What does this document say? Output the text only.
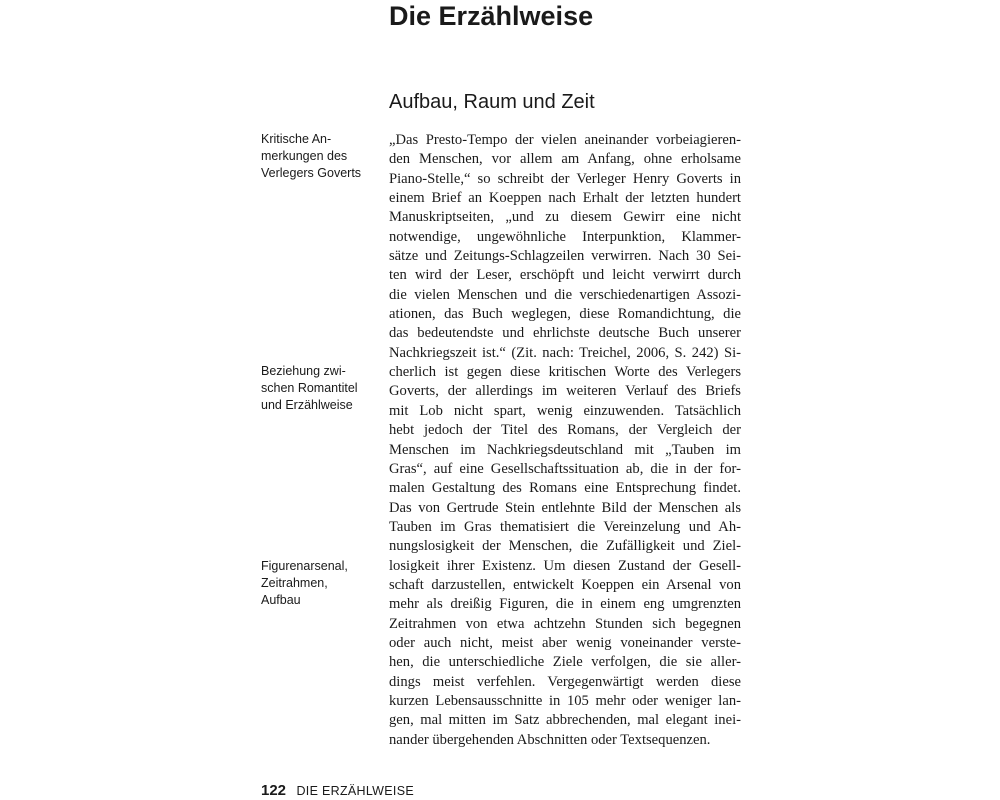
Die Erzählweise
Aufbau, Raum und Zeit
Kritische An-
merkungen des
Verlegers Goverts
Beziehung zwi-
schen Romantitel
und Erzählweise
Figurenarsenal,
Zeitrahmen,
Aufbau
„Das Presto-Tempo der vielen aneinander vorbeiagieren-
den Menschen, vor allem am Anfang, ohne erholsame
Piano-Stelle,“ so schreibt der Verleger Henry Goverts in
einem Brief an Koeppen nach Erhalt der letzten hundert
Manuskriptseiten, „und zu diesem Gewirr eine nicht
notwendige, ungewöhnliche Interpunktion, Klammer-
sätze und Zeitungs-Schlagzeilen verwirren. Nach 30 Sei-
ten wird der Leser, erschöpft und leicht verwirrt durch
die vielen Menschen und die verschiedenartigen Assozi-
ationen, das Buch weglegen, diese Romandichtung, die
das bedeutendste und ehrlichste deutsche Buch unserer
Nachkriegszeit ist.“ (Zit. nach: Treichel, 2006, S. 242) Si-
cherlich ist gegen diese kritischen Worte des Verlegers
Goverts, der allerdings im weiteren Verlauf des Briefs
mit Lob nicht spart, wenig einzuwenden. Tatsächlich
hebt jedoch der Titel des Romans, der Vergleich der
Menschen im Nachkriegsdeutschland mit „Tauben im
Gras“, auf eine Gesellschaftssituation ab, die in der for-
malen Gestaltung des Romans eine Entsprechung findet.
Das von Gertrude Stein entlehnte Bild der Menschen als
Tauben im Gras thematisiert die Vereinzelung und Ah-
nungslosigkeit der Menschen, die Zufälligkeit und Ziel-
losigkeit ihrer Existenz. Um diesen Zustand der Gesell-
schaft darzustellen, entwickelt Koeppen ein Arsenal von
mehr als dreißig Figuren, die in einem eng umgrenzten
Zeitrahmen von etwa achtzehn Stunden sich begegnen
oder auch nicht, meist aber wenig voneinander verste-
hen, die unterschiedliche Ziele verfolgen, die sie aller-
dings meist verfehlen. Vergegenwärtigt werden diese
kurzen Lebensausschnitte in 105 mehr oder weniger lan-
gen, mal mitten im Satz abbrechenden, mal elegant inei-
nander übergehenden Abschnitten oder Textsequenzen.
122 DIE ERZÄHLWEISE
